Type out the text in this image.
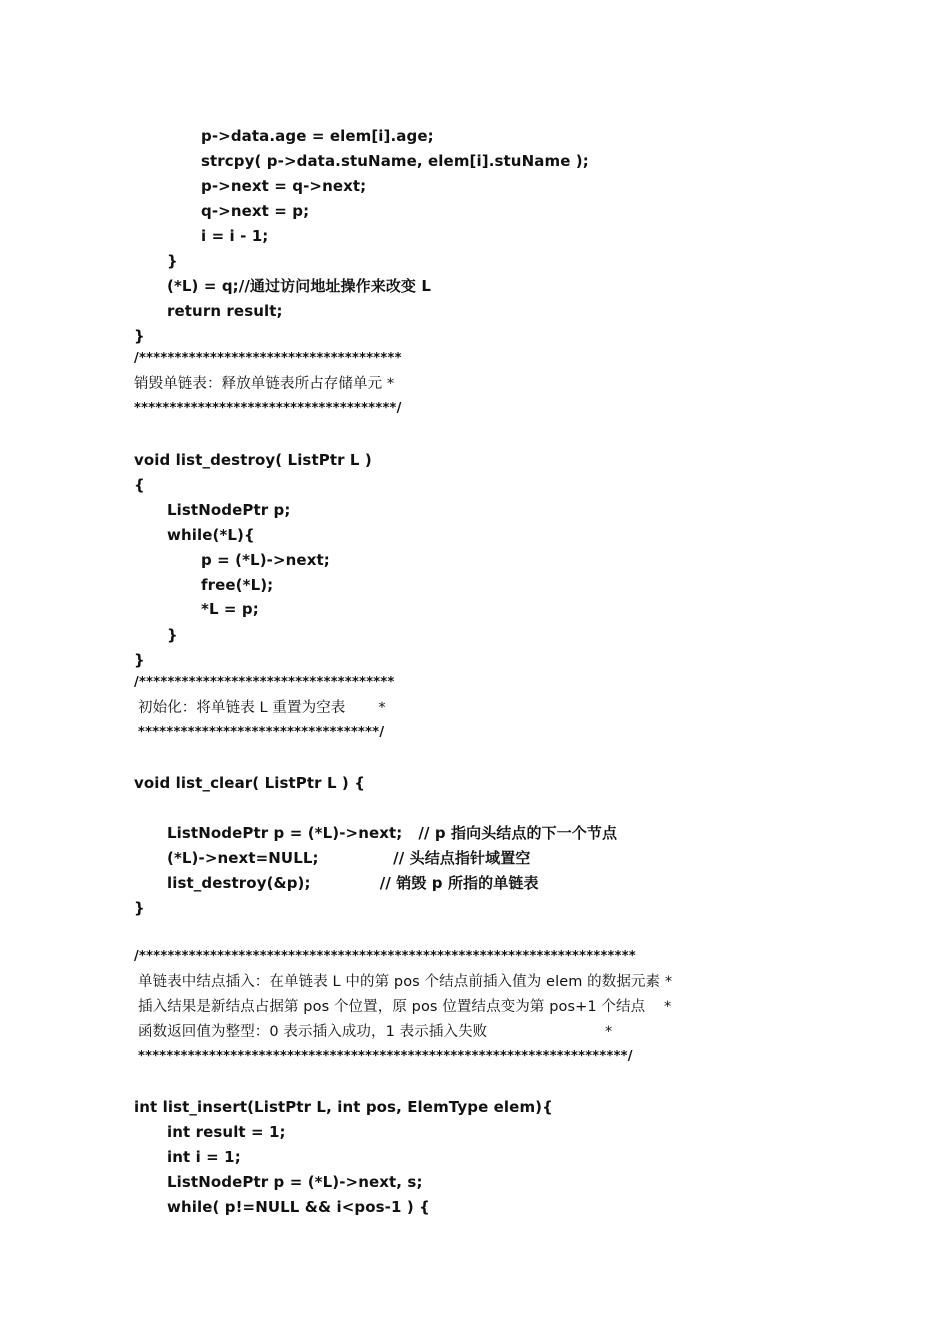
p->data.age = elem[i].age;
strcpy( p->data.stuName, elem[i].stuName );
p->next = q->next;
q->next = p;
i = i - 1;
}
(*L) = q;//通过访问地址操作来改变 L
return result;
}
/*************************************
销毁单链表：释放单链表所占存储单元 *
*************************************/
void list_destroy( ListPtr L )
{
ListNodePtr p;
while(*L){
p = (*L)->next;
free(*L);
*L = p;
}
}
/************************************
初始化：将单链表 L 重置为空表       *
**********************************/
void list_clear( ListPtr L ) {
ListNodePtr p = (*L)->next;   // p 指向头结点的下一个节点
(*L)->next=NULL;              // 头结点指针域置空
list_destroy(&p);             // 销毁 p 所指的单链表
}
/**********************************************************************
单链表中结点插入：在单链表 L 中的第 pos 个结点前插入值为 elem 的数据元素 *
插入结果是新结点占据第 pos 个位置，原 pos 位置结点变为第 pos+1 个结点    *
函数返回值为整型：0 表示插入成功，1 表示插入失败                         *
*********************************************************************/
int list_insert(ListPtr L, int pos, ElemType elem){
int result = 1;
int i = 1;
ListNodePtr p = (*L)->next, s;
while( p!=NULL && i<pos-1 ) {
